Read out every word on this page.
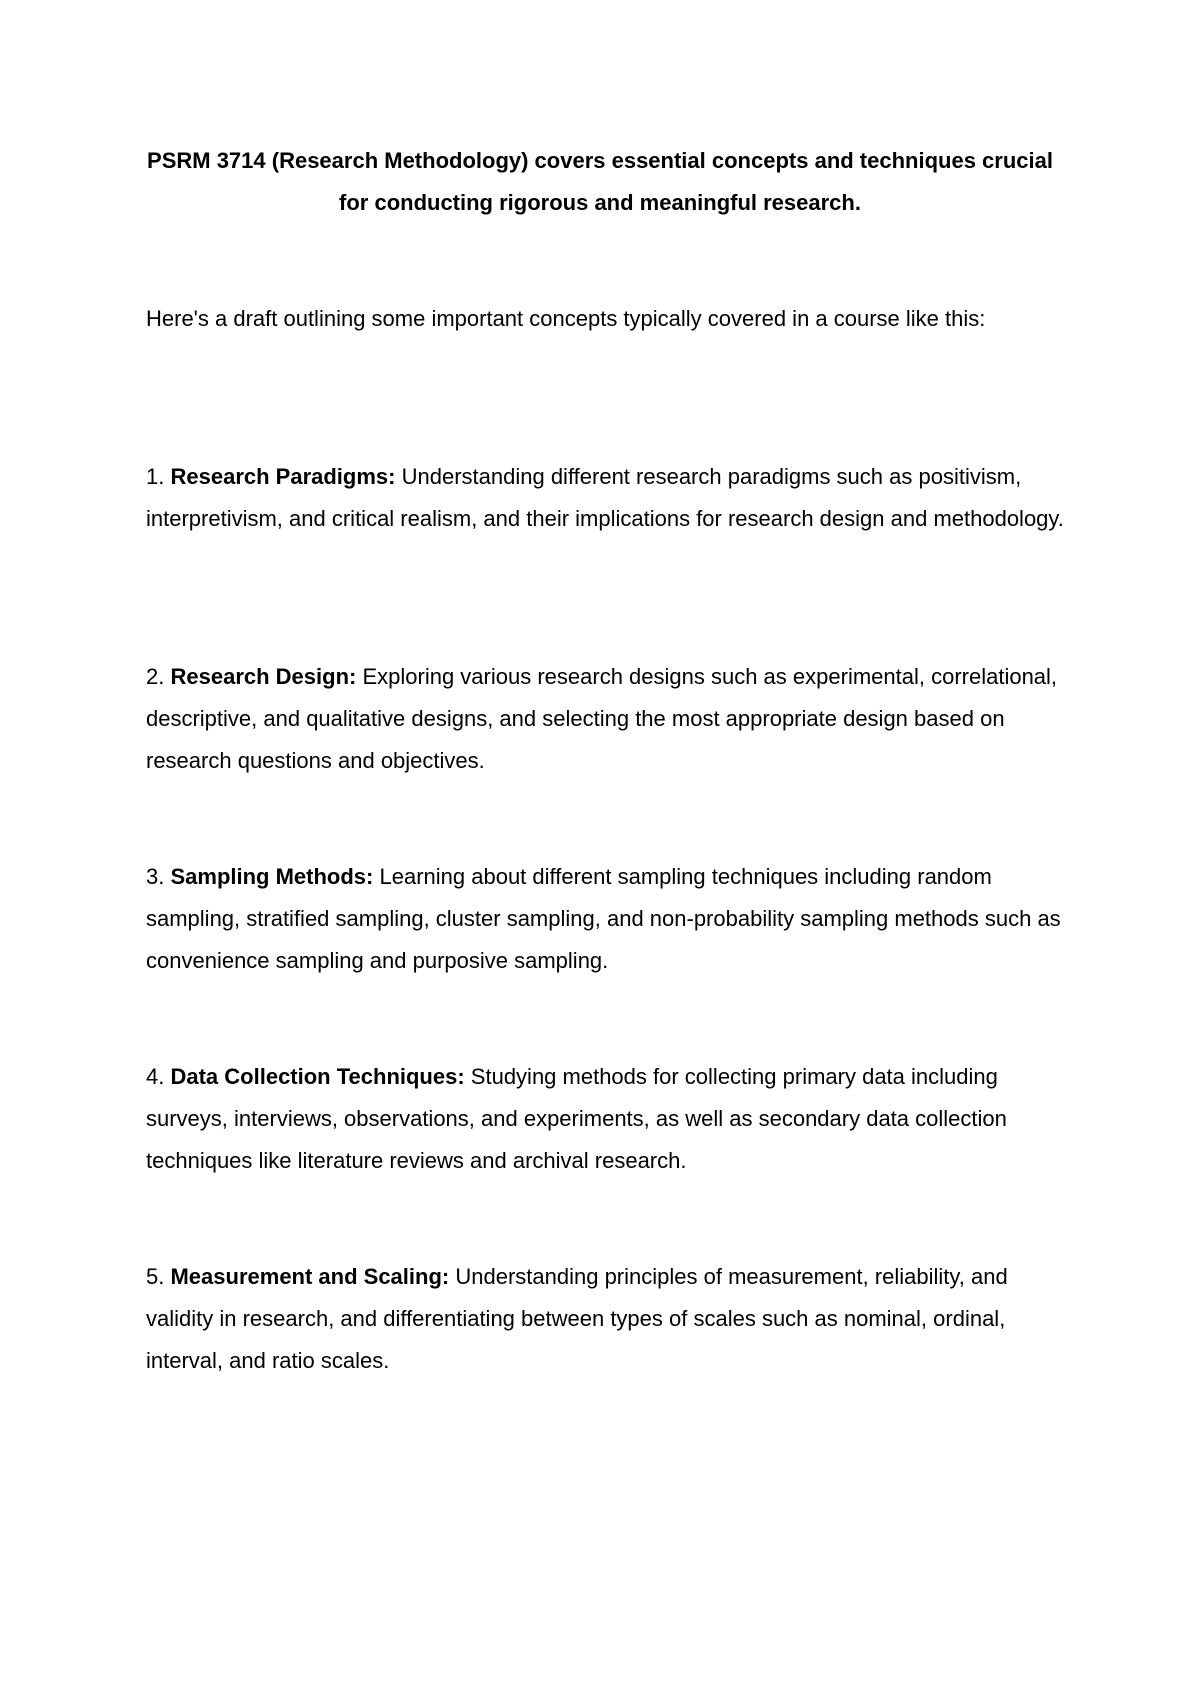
PSRM 3714 (Research Methodology) covers essential concepts and techniques crucial for conducting rigorous and meaningful research.

Here's a draft outlining some important concepts typically covered in a course like this:

1. Research Paradigms: Understanding different research paradigms such as positivism, interpretivism, and critical realism, and their implications for research design and methodology.

2. Research Design: Exploring various research designs such as experimental, correlational, descriptive, and qualitative designs, and selecting the most appropriate design based on research questions and objectives.

3. Sampling Methods: Learning about different sampling techniques including random sampling, stratified sampling, cluster sampling, and non-probability sampling methods such as convenience sampling and purposive sampling.

4. Data Collection Techniques: Studying methods for collecting primary data including surveys, interviews, observations, and experiments, as well as secondary data collection techniques like literature reviews and archival research.

5. Measurement and Scaling: Understanding principles of measurement, reliability, and validity in research, and differentiating between types of scales such as nominal, ordinal, interval, and ratio scales.
